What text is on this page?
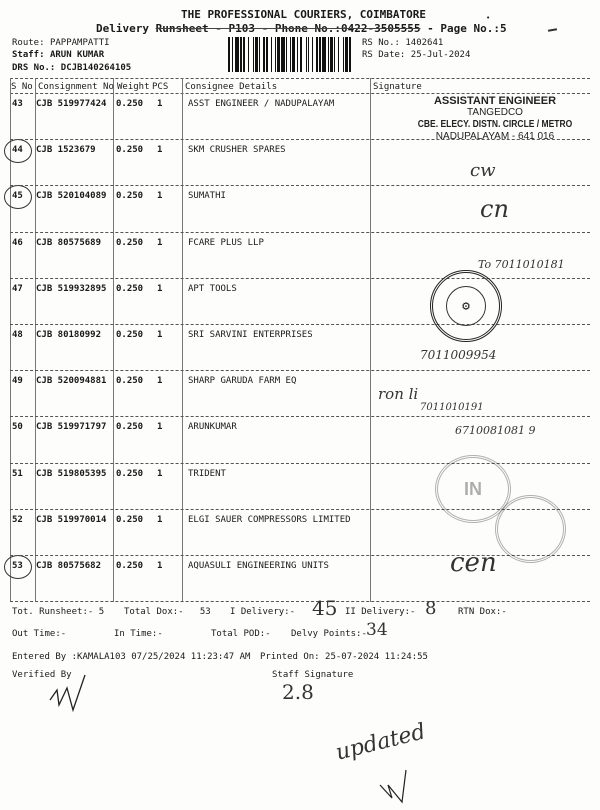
THE PROFESSIONAL COURIERS, COIMBATORE
Delivery Runsheet - P103 - Phone No.:0422-3505555 - Page No.:5
Route: PAPPAMPATTI
Staff: ARUN KUMAR
DRS No.: DCJB140264105
RS No.: 1402641
RS Date: 25-Jul-2024
•
S No Consignment No Weight PCS Consignee Details	Signature
43 CJB 519977424 0.250 1	ASST ENGINEER / NADUPALAYAM
44 CJB 1523679 0.250 1	SKM CRUSHER SPARES
45 CJB 520104089 0.250 1	SUMATHI
46 CJB 80575689 0.250 1	FCARE PLUS LLP
47 CJB 519932895 0.250 1	APT TOOLS
48 CJB 80180992 0.250 1	SRI SARVINI ENTERPRISES
49 CJB 520094881 0.250 1	SHARP GARUDA FARM EQ
50 CJB 519971797 0.250 1	ARUNKUMAR
51 CJB 519805395 0.250 1	TRIDENT
52 CJB 519970014 0.250 1	ELGI SAUER COMPRESSORS LIMITED
53 CJB 80575682 0.250 1	AQUASULI ENGINEERING UNITS
ASSISTANT ENGINEER
TANGEDCO
CBE. ELECY. DISTN. CIRCLE / METRO
NADUPALAYAM - 641 016
cw
cn
To 7011010181
⚙
7011009954
ron li
7011010191
6710081081 9
IN
cen
Tot. Runsheet:- 5 Total Dox:- 53 I Delivery:- 45 II Delivery:- 8 RTN Dox:-
Out Time:-	In Time:-	Total POD:- Delvy Points:- 34
Entered By :KAMALA103 07/25/2024 11:23:47 AM Printed On: 25-07-2024 11:24:55
Verified By	Staff Signature
2.8
updated
